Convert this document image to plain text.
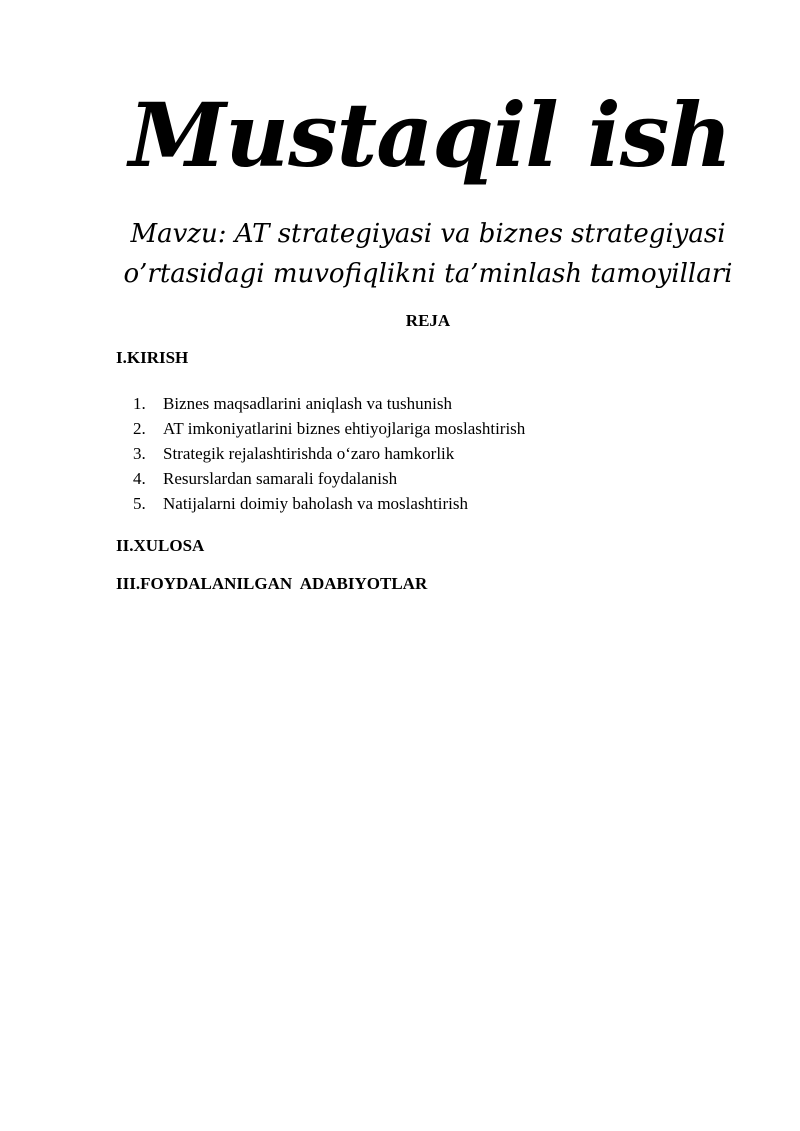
Mustaqil ish
Mavzu: AT strategiyasi va biznes strategiyasi
o’rtasidagi muvofiqlikni ta’minlash tamoyillari
REJA
I.KIRISH
1.	Biznes maqsadlarini aniqlash va tushunish
2.	AT imkoniyatlarini biznes ehtiyojlariga moslashtirish
3.	Strategik rejalashtirishda o‘zaro hamkorlik
4.	Resurslardan samarali foydalanish
5.	Natijalarni doimiy baholash va moslashtirish
II.XULOSA
III.FOYDALANILGAN  ADABIYOTLAR
